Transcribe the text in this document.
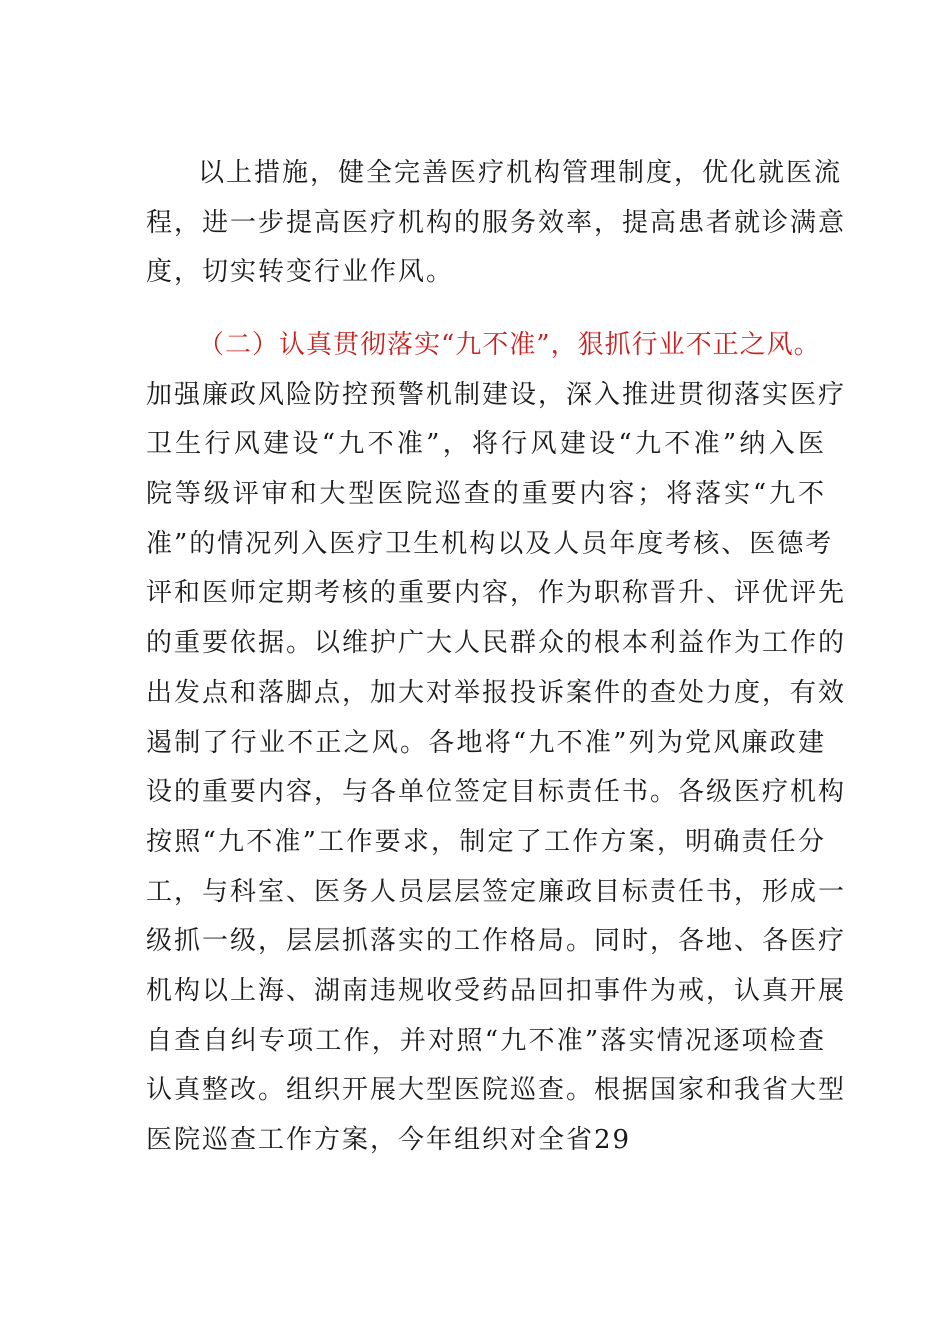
以上措施，健全完善医疗机构管理制度，优化就医流
程，进一步提高医疗机构的服务效率，提高患者就诊满意
度，切实转变行业作风。
（二）认真贯彻落实“九不准”，狠抓行业不正之风。
加强廉政风险防控预警机制建设，深入推进贯彻落实医疗
卫生行风建设“九不准”，将行风建设“九不准”纳入医
院等级评审和大型医院巡查的重要内容；将落实“九不
准”的情况列入医疗卫生机构以及人员年度考核、医德考
评和医师定期考核的重要内容，作为职称晋升、评优评先
的重要依据。以维护广大人民群众的根本利益作为工作的
出发点和落脚点，加大对举报投诉案件的查处力度，有效
遏制了行业不正之风。各地将“九不准”列为党风廉政建
设的重要内容，与各单位签定目标责任书。各级医疗机构
按照“九不准”工作要求，制定了工作方案，明确责任分
工，与科室、医务人员层层签定廉政目标责任书，形成一
级抓一级，层层抓落实的工作格局。同时，各地、各医疗
机构以上海、湖南违规收受药品回扣事件为戒，认真开展
自查自纠专项工作，并对照“九不准”落实情况逐项检查
认真整改。组织开展大型医院巡查。根据国家和我省大型
医院巡查工作方案，今年组织对全省29
